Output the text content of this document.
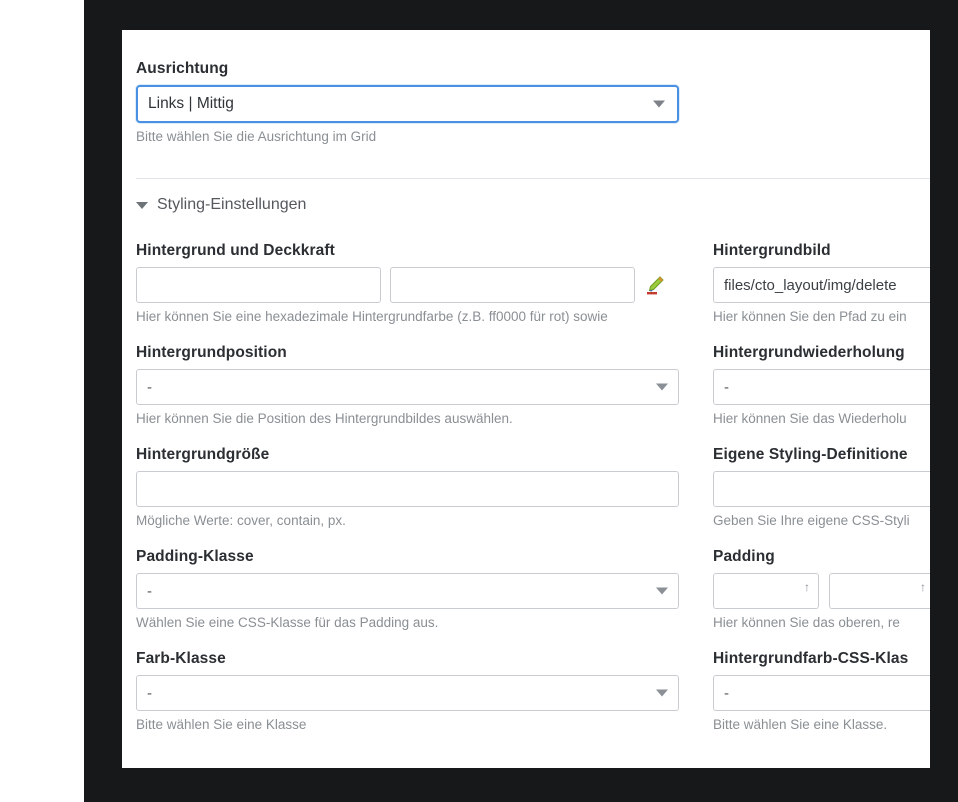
Ausrichtung
Links | Mittig
Bitte wählen Sie die Ausrichtung im Grid
Styling-Einstellungen
Hintergrund und Deckkraft
Hier können Sie eine hexadezimale Hintergrundfarbe (z.B. ff0000 für rot) sowie
Hintergrundposition
-
Hier können Sie die Position des Hintergrundbildes auswählen.
Hintergrundgröße
Mögliche Werte: cover, contain, px.
Padding-Klasse
-
Wählen Sie eine CSS-Klasse für das Padding aus.
Farb-Klasse
-
Bitte wählen Sie eine Klasse
Hintergrundbild
files/cto_layout/img/delete
Hier können Sie den Pfad zu ein
Hintergrundwiederholung
-
Hier können Sie das Wiederholu
Eigene Styling-Definitione
Geben Sie Ihre eigene CSS-Styli
Padding
↑	↑
Hier können Sie das oberen, re
Hintergrundfarb-CSS-Klas
-
Bitte wählen Sie eine Klasse.
